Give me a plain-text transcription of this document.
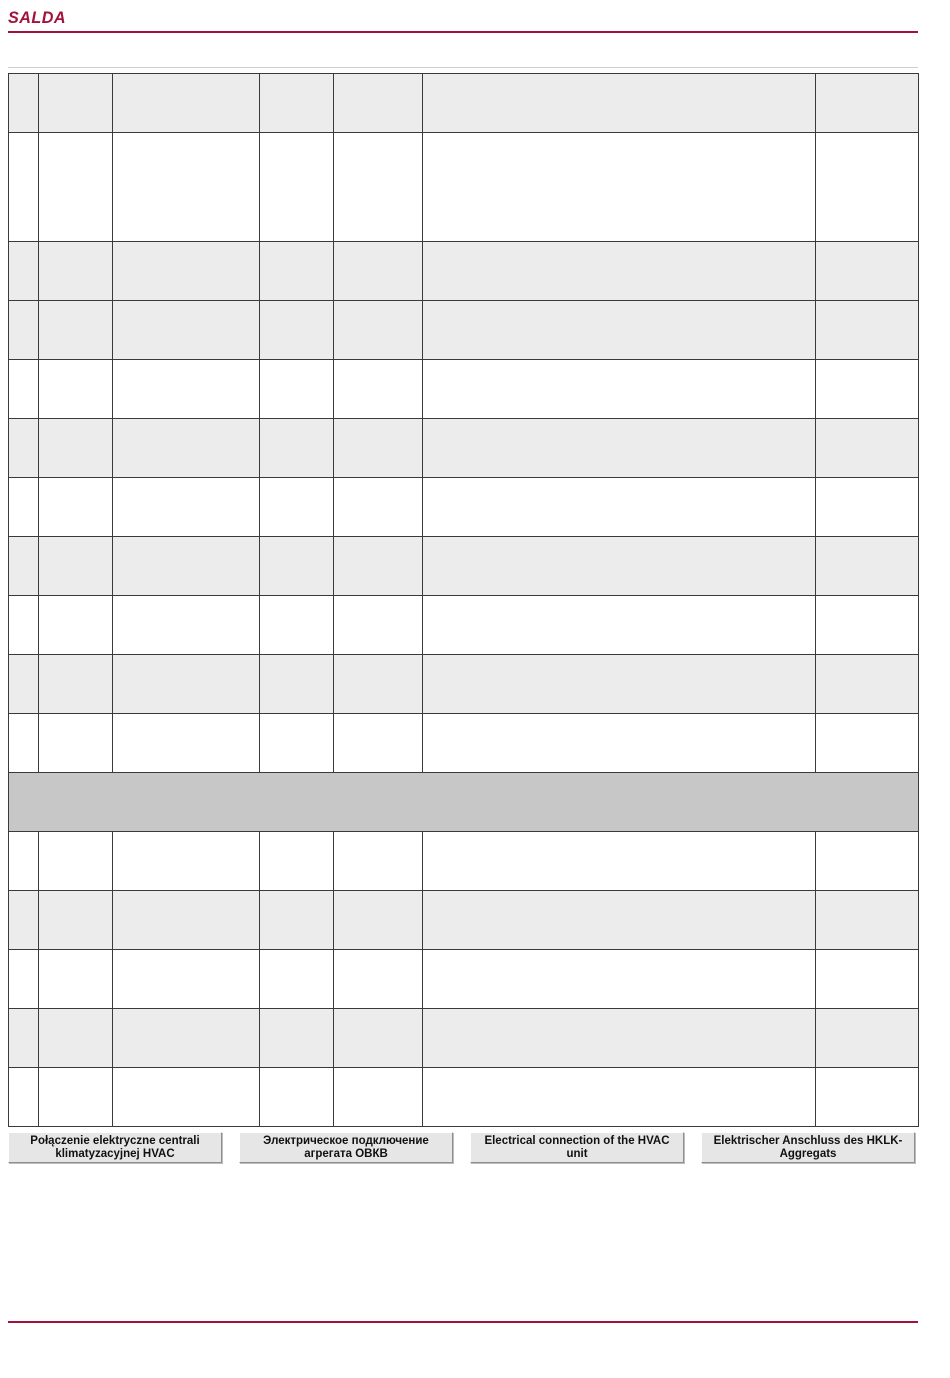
SALDA

Połączenie elektryczne centrali klimatyzacyjnej HVAC
Электрическое подключение агрегата ОВКВ
Electrical connection of the HVAC unit
Elektrischer Anschluss des HKLK-Aggregats
